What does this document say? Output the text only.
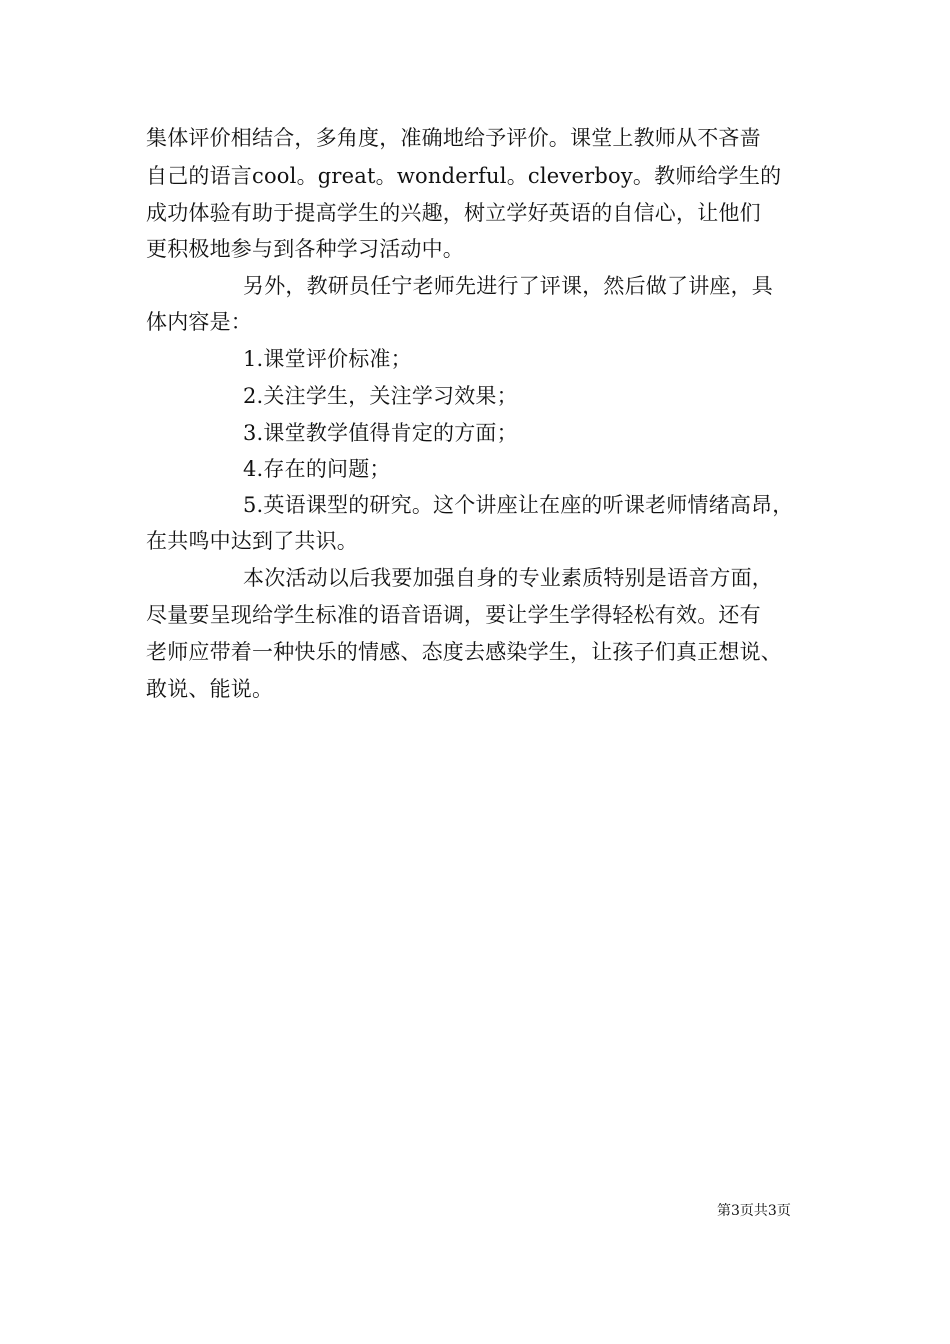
集体评价相结合，多角度，准确地给予评价。课堂上教师从不吝啬
自己的语言cool。great。wonderful。cleverboy。教师给学生的
成功体验有助于提高学生的兴趣，树立学好英语的自信心，让他们
更积极地参与到各种学习活动中。
另外，教研员任宁老师先进行了评课，然后做了讲座，具
体内容是：
1.课堂评价标准；
2.关注学生，关注学习效果；
3.课堂教学值得肯定的方面；
4.存在的问题；
5.英语课型的研究。这个讲座让在座的听课老师情绪高昂，
在共鸣中达到了共识。
本次活动以后我要加强自身的专业素质特别是语音方面，
尽量要呈现给学生标准的语音语调，要让学生学得轻松有效。还有
老师应带着一种快乐的情感、态度去感染学生，让孩子们真正想说、
敢说、能说。
第3页共3页
